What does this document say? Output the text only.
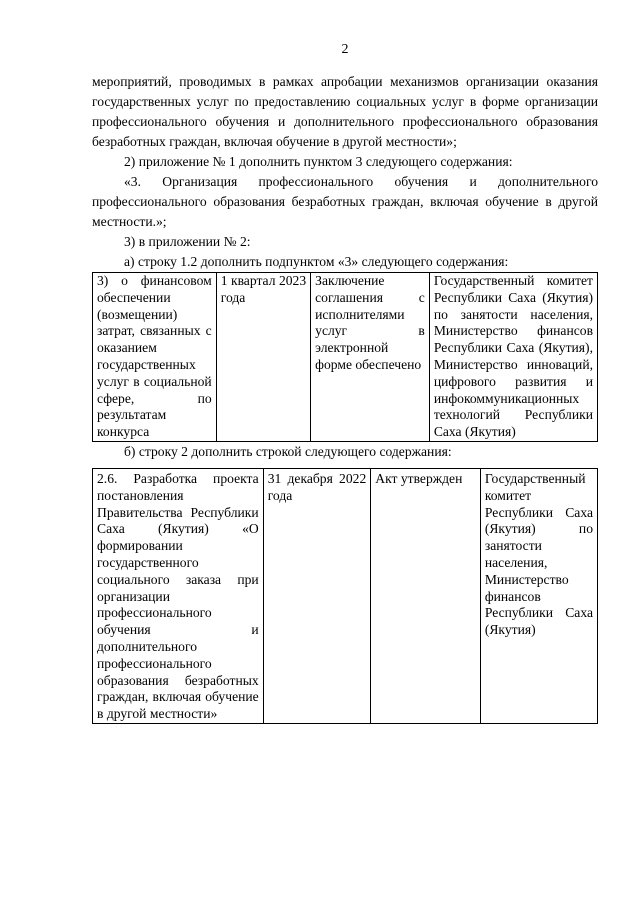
2

мероприятий, проводимых в рамках апробации механизмов организации оказания государственных услуг по предоставлению социальных услуг в форме организации профессионального обучения и дополнительного профессионального образования безработных граждан, включая обучение в другой местности»;

2) приложение № 1 дополнить пунктом 3 следующего содержания:

«3. Организация профессионального обучения и дополнительного профессионального образования безработных граждан, включая обучение в другой местности.»;

3) в приложении № 2:

а) строку 1.2 дополнить подпунктом «3» следующего содержания:

3) о финансовом обеспечении (возмещении) затрат, связанных с оказанием государственных услуг в социальной сфере, по результатам конкурса	1 квартал 2023 года	Заключение соглашения с исполнителями услуг в электронной форме обеспечено	Государственный комитет Республики Саха (Якутия) по занятости населения, Министерство финансов Республики Саха (Якутия), Министерство инноваций, цифрового развития и инфокоммуникационных технологий Республики Саха (Якутия)

б) строку 2 дополнить строкой следующего содержания:

2.6. Разработка проекта постановления Правительства Республики Саха (Якутия) «О формировании государственного социального заказа при организации профессионального обучения и дополнительного профессионального образования безработных граждан, включая обучение в другой местности»	31 декабря 2022 года	Акт утвержден	Государственный комитет Республики Саха (Якутия) по занятости населения, Министерство финансов Республики Саха (Якутия)
